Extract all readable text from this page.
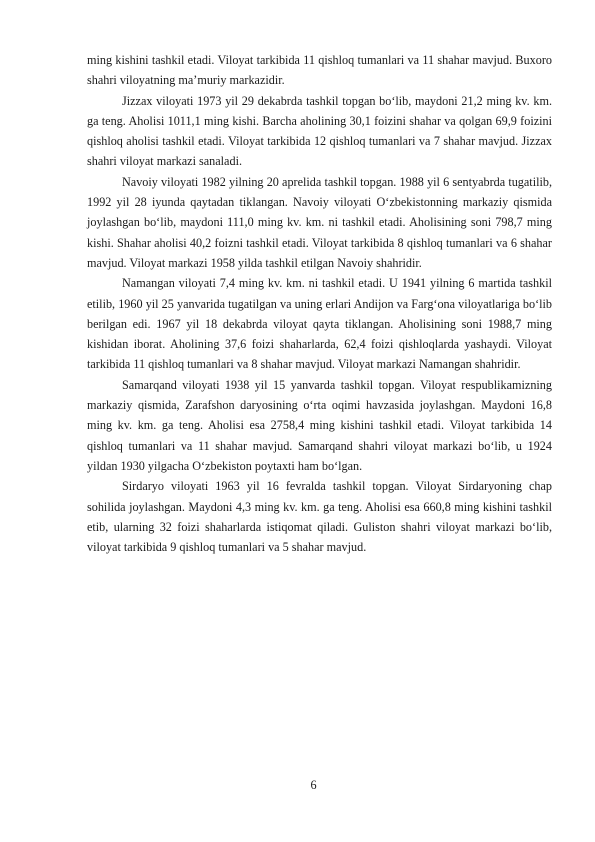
ming kishini tashkil etadi. Viloyat tarkibida 11 qishloq tumanlari va 11 shahar mavjud. Buxoro shahri viloyatning maʼmuriy markazidir.

Jizzax viloyati 1973 yil 29 dekabrda tashkil topgan bo‘lib, maydoni 21,2 ming kv. km. ga teng. Aholisi 1011,1 ming kishi. Barcha aholining 30,1 foizini shahar va qolgan 69,9 foizini qishloq aholisi tashkil etadi. Viloyat tarkibida 12 qishloq tumanlari va 7 shahar mavjud. Jizzax shahri viloyat markazi sanaladi.

Navoiy viloyati 1982 yilning 20 aprelida tashkil topgan. 1988 yil 6 sentyabrda tugatilib, 1992 yil 28 iyunda qaytadan tiklangan. Navoiy viloyati O‘zbekistonning markaziy qismida joylashgan bo‘lib, maydoni 111,0 ming kv. km. ni tashkil etadi. Aholisining soni 798,7 ming kishi. Shahar aholisi 40,2 foizni tashkil etadi. Viloyat tarkibida 8 qishloq tumanlari va 6 shahar mavjud. Viloyat markazi 1958 yilda tashkil etilgan Navoiy shahridir.

Namangan viloyati 7,4 ming kv. km. ni tashkil etadi. U 1941 yilning 6 martida tashkil etilib, 1960 yil 25 yanvarida tugatilgan va uning erlari Andijon va Farg‘ona viloyatlariga bo‘lib berilgan edi. 1967 yil 18 dekabrda viloyat qayta tiklangan. Aholisining soni 1988,7 ming kishidan iborat. Aholining 37,6 foizi shaharlarda, 62,4 foizi qishloqlarda yashaydi. Viloyat tarkibida 11 qishloq tumanlari va 8 shahar mavjud. Viloyat markazi Namangan shahridir.

Samarqand viloyati 1938 yil 15 yanvarda tashkil topgan. Viloyat respublikamizning markaziy qismida, Zarafshon daryosining o‘rta oqimi havzasida joylashgan. Maydoni 16,8 ming kv. km. ga teng. Aholisi esa 2758,4 ming kishini tashkil etadi. Viloyat tarkibida 14 qishloq tumanlari va 11 shahar mavjud. Samarqand shahri viloyat markazi bo‘lib, u 1924 yildan 1930 yilgacha O‘zbekiston poytaxti ham bo‘lgan.

Sirdaryo viloyati 1963 yil 16 fevralda tashkil topgan. Viloyat Sirdaryoning chap sohilida joylashgan. Maydoni 4,3 ming kv. km. ga teng. Aholisi esa 660,8 ming kishini tashkil etib, ularning 32 foizi shaharlarda istiqomat qiladi. Guliston shahri viloyat markazi bo‘lib, viloyat tarkibida 9 qishloq tumanlari va 5 shahar mavjud.

6
